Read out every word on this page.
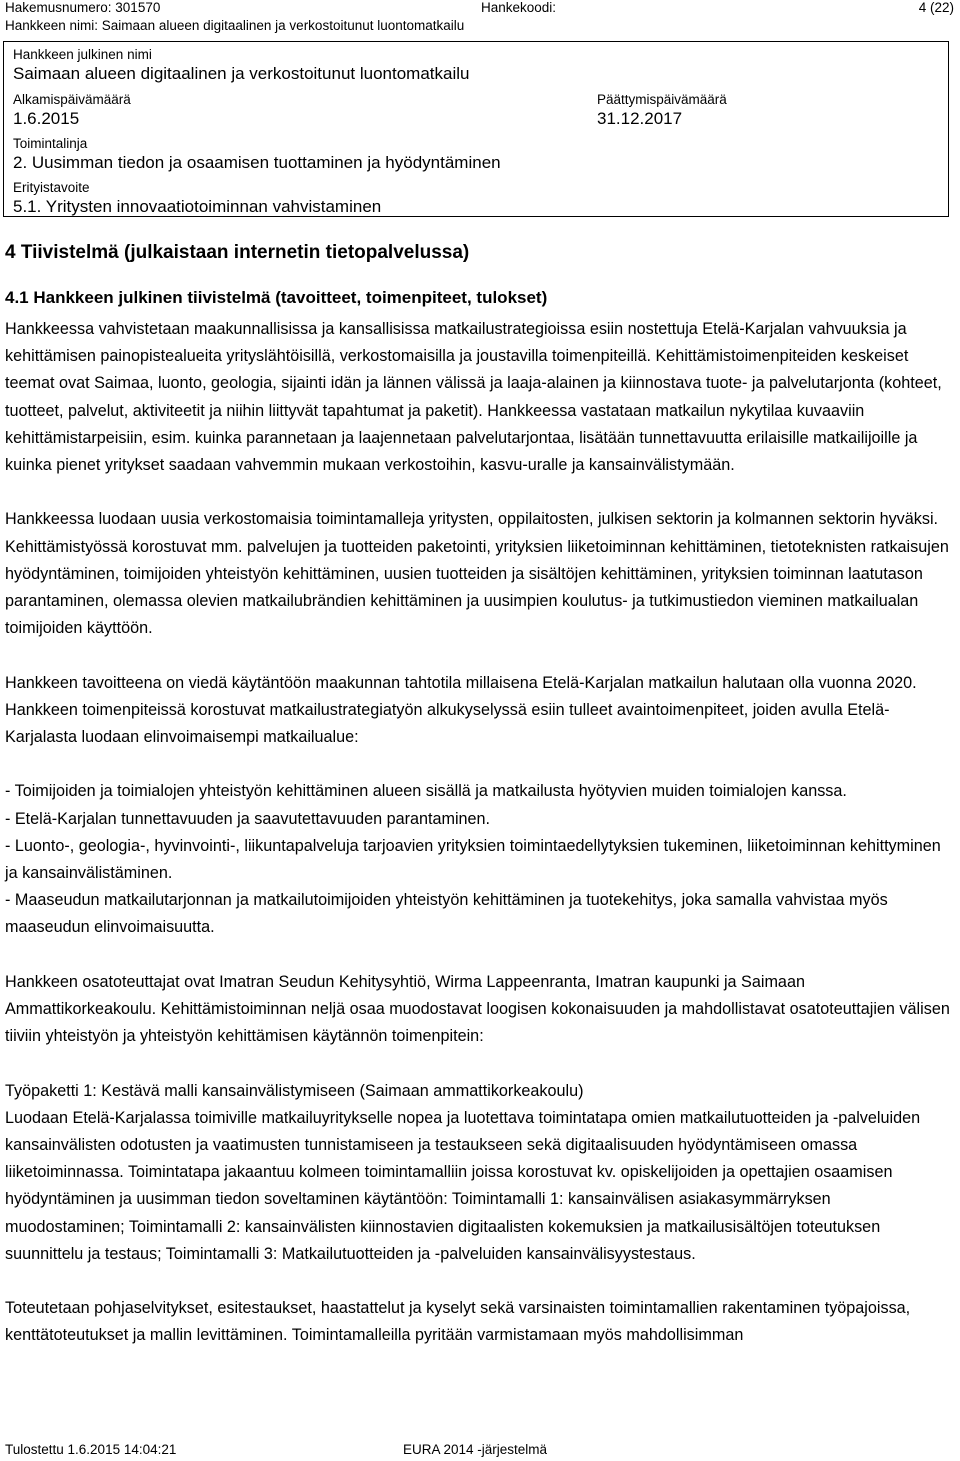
Hakemusnumero: 301570	Hankekoodi:	4 (22)
Hankkeen nimi: Saimaan alueen digitaalinen ja verkostoitunut luontomatkailu
Hankkeen julkinen nimi
Saimaan alueen digitaalinen ja verkostoitunut luontomatkailu
Alkamispäivämäärä
1.6.2015
Päättymispäivämäärä
31.12.2017
Toimintalinja
2. Uusimman tiedon ja osaamisen tuottaminen ja hyödyntäminen
Erityistavoite
5.1. Yritysten innovaatiotoiminnan vahvistaminen
4 Tiivistelmä (julkaistaan internetin tietopalvelussa)
4.1 Hankkeen julkinen tiivistelmä (tavoitteet, toimenpiteet, tulokset)

Hankkeessa vahvistetaan maakunnallisissa ja kansallisissa matkailustrategioissa esiin nostettuja Etelä-Karjalan vahvuuksia ja kehittämisen painopistealueita yrityslähtöisillä, verkostomaisilla ja joustavilla toimenpiteillä. Kehittämistoimenpiteiden keskeiset teemat ovat Saimaa, luonto, geologia, sijainti idän ja lännen välissä ja laaja-alainen ja kiinnostava tuote- ja palvelutarjonta (kohteet, tuotteet, palvelut, aktiviteetit ja niihin liittyvät tapahtumat ja paketit). Hankkeessa vastataan matkailun nykytilaa kuvaaviin kehittämistarpeisiin, esim. kuinka parannetaan ja laajennetaan palvelutarjontaa, lisätään tunnettavuutta erilaisille matkailijoille ja kuinka pienet yritykset saadaan vahvemmin mukaan verkostoihin, kasvu-uralle ja kansainvälistymään.

Hankkeessa luodaan uusia verkostomaisia toimintamalleja yritysten, oppilaitosten, julkisen sektorin ja kolmannen sektorin hyväksi. Kehittämistyössä korostuvat mm. palvelujen ja tuotteiden paketointi, yrityksien liiketoiminnan kehittäminen, tietoteknisten ratkaisujen hyödyntäminen, toimijoiden yhteistyön kehittäminen, uusien tuotteiden ja sisältöjen kehittäminen, yrityksien toiminnan laatutason parantaminen, olemassa olevien matkailubrändien kehittäminen ja uusimpien koulutus- ja tutkimustiedon vieminen matkailualan toimijoiden käyttöön.

Hankkeen tavoitteena on viedä käytäntöön maakunnan tahtotila millaisena Etelä-Karjalan matkailun halutaan olla vuonna 2020. Hankkeen toimenpiteissä korostuvat matkailustrategiatyön alkukyselyssä esiin tulleet avaintoimenpiteet, joiden avulla Etelä-Karjalasta luodaan elinvoimaisempi matkailualue:

- Toimijoiden ja toimialojen yhteistyön kehittäminen alueen sisällä ja matkailusta hyötyvien muiden toimialojen kanssa.

- Etelä-Karjalan tunnettavuuden ja saavutettavuuden parantaminen.

- Luonto-, geologia-, hyvinvointi-, liikuntapalveluja tarjoavien yrityksien toimintaedellytyksien tukeminen, liiketoiminnan kehittyminen ja kansainvälistäminen.

- Maaseudun matkailutarjonnan ja matkailutoimijoiden yhteistyön kehittäminen ja tuotekehitys, joka samalla vahvistaa myös maaseudun elinvoimaisuutta.

Hankkeen osatoteuttajat ovat Imatran Seudun Kehitysyhtiö, Wirma Lappeenranta, Imatran kaupunki ja Saimaan Ammattikorkeakoulu. Kehittämistoiminnan neljä osaa muodostavat loogisen kokonaisuuden ja mahdollistavat osatoteuttajien välisen tiiviin yhteistyön ja yhteistyön kehittämisen käytännön toimenpitein:

Työpaketti 1: Kestävä malli kansainvälistymiseen (Saimaan ammattikorkeakoulu)

Luodaan Etelä-Karjalassa toimiville matkailuyritykselle nopea ja luotettava toimintatapa omien matkailutuotteiden ja -palveluiden kansainvälisten odotusten ja vaatimusten tunnistamiseen ja testaukseen sekä digitaalisuuden hyödyntämiseen omassa liiketoiminnassa. Toimintatapa jakaantuu kolmeen toimintamalliin joissa korostuvat kv. opiskelijoiden ja opettajien osaamisen hyödyntäminen ja uusimman tiedon soveltaminen käytäntöön: Toimintamalli 1: kansainvälisen asiakasymmärryksen muodostaminen; Toimintamalli 2: kansainvälisten kiinnostavien digitaalisten kokemuksien ja matkailusisältöjen toteutuksen suunnittelu ja testaus; Toimintamalli 3: Matkailutuotteiden ja -palveluiden kansainvälisyystestaus.

Toteutetaan pohjaselvitykset, esitestaukset, haastattelut ja kyselyt sekä varsinaisten toimintamallien rakentaminen työpajoissa, kenttätoteutukset ja mallin levittäminen. Toimintamalleilla pyritään varmistamaan myös mahdollisimman

Tulostettu 1.6.2015 14:04:21	EURA 2014 -järjestelmä
